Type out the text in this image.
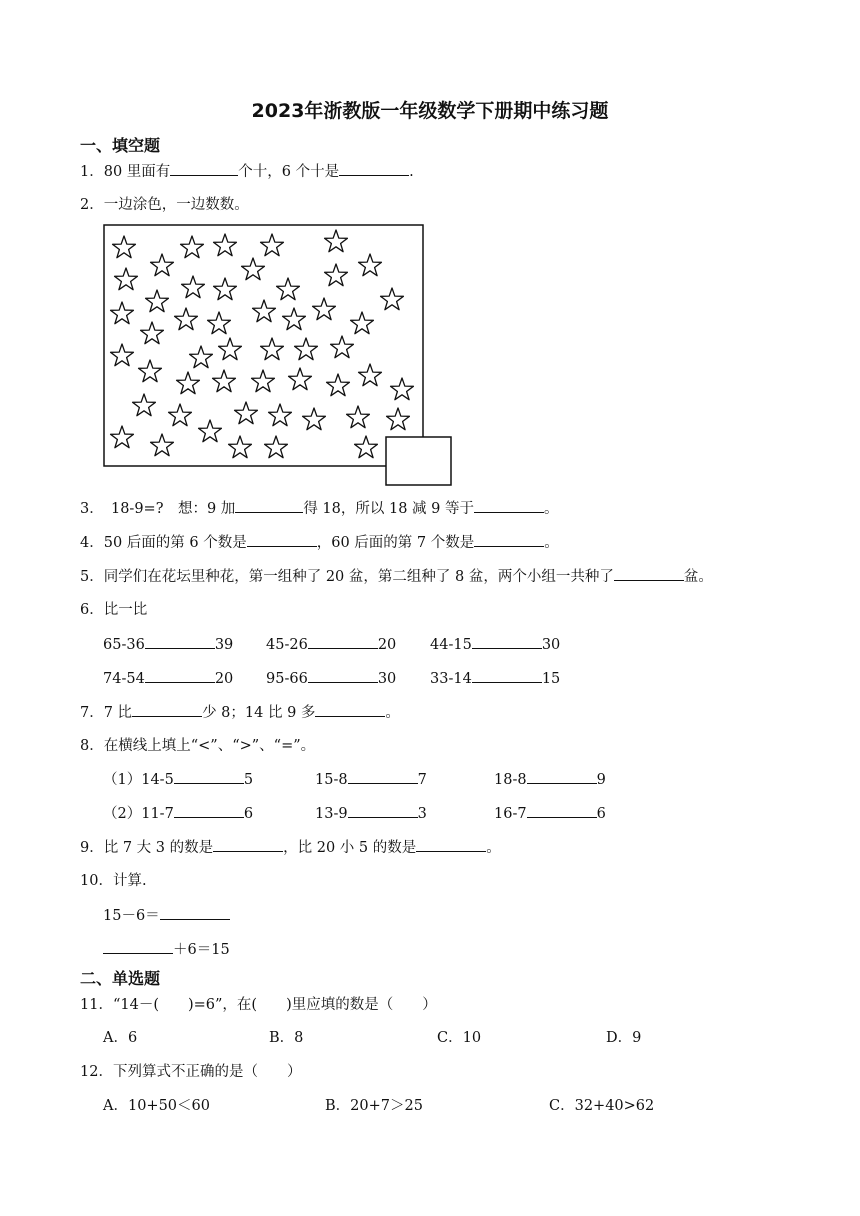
2023年浙教版一年级数学下册期中练习题
一、填空题
1．80 里面有	个十，6 个十是	.
2．一边涂色，一边数数。
3．　18-9=?　想：9 加	得 18，所以 18 减 9 等于	。
4．50 后面的第 6 个数是	，60 后面的第 7 个数是	。
5．同学们在花坛里种花，第一组种了 20 盆，第二组种了 8 盆，两个小组一共种了	盆。
6．比一比
65-36	39 45-26	20 44-15	30
74-54	20 95-66	30 33-14	15
7．7 比	少 8；14 比 9 多	。
8．在横线上填上“<”、“>”、“=”。
（1）14-5	5	15-8	7	18-8	9
（2）11-7	6	13-9	3	16-7	6
9．比 7 大 3 的数是	，比 20 小 5 的数是	。
10．计算.
15－6＝
＋6＝15
二、单选题
11．“14－(　　)=6”，在(　　)里应填的数是（　　）
A．6	B．8	C．10	D．9
12．下列算式不正确的是（　　）
A．10+50＜60	B．20+7＞25	C．32+40>62
